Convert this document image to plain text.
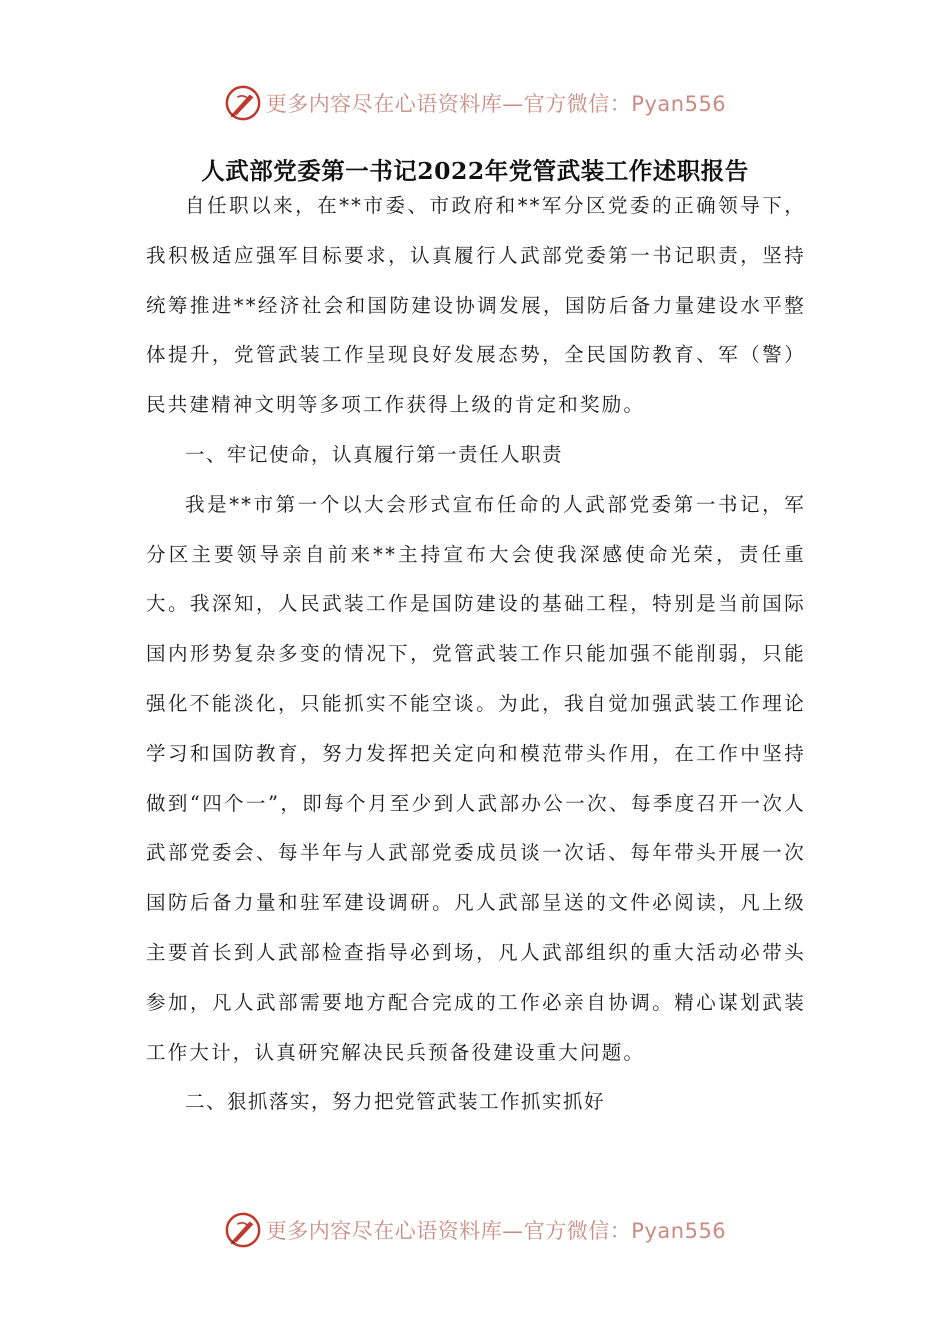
更多内容尽在心语资料库—官方微信：Pyan556
人武部党委第一书记2022年党管武装工作述职报告

自任职以来，在**市委、市政府和**军分区党委的正确领导下，我积极适应强军目标要求，认真履行人武部党委第一书记职责，坚持统筹推进**经济社会和国防建设协调发展，国防后备力量建设水平整体提升，党管武装工作呈现良好发展态势，全民国防教育、军（警）民共建精神文明等多项工作获得上级的肯定和奖励。

一、牢记使命，认真履行第一责任人职责

我是**市第一个以大会形式宣布任命的人武部党委第一书记，军分区主要领导亲自前来**主持宣布大会使我深感使命光荣，责任重大。我深知，人民武装工作是国防建设的基础工程，特别是当前国际国内形势复杂多变的情况下，党管武装工作只能加强不能削弱，只能强化不能淡化，只能抓实不能空谈。为此，我自觉加强武装工作理论学习和国防教育，努力发挥把关定向和模范带头作用，在工作中坚持做到“四个一”，即每个月至少到人武部办公一次、每季度召开一次人武部党委会、每半年与人武部党委成员谈一次话、每年带头开展一次国防后备力量和驻军建设调研。凡人武部呈送的文件必阅读，凡上级主要首长到人武部检查指导必到场，凡人武部组织的重大活动必带头参加，凡人武部需要地方配合完成的工作必亲自协调。精心谋划武装工作大计，认真研究解决民兵预备役建设重大问题。

二、狠抓落实，努力把党管武装工作抓实抓好

更多内容尽在心语资料库—官方微信：Pyan556
